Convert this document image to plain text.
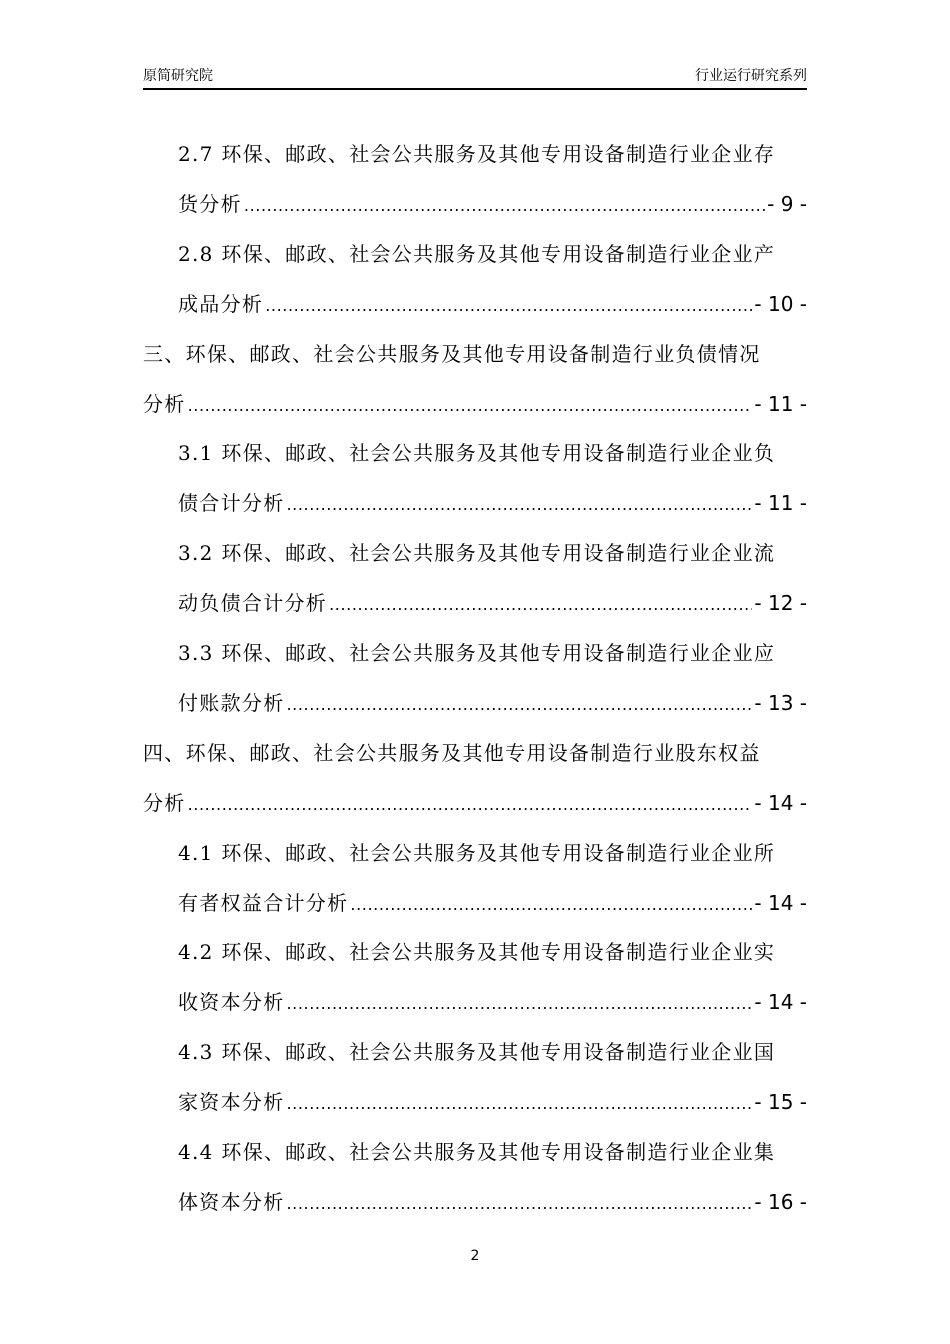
原简研究院	行业运行研究系列
2.7 环保、邮政、社会公共服务及其他专用设备制造行业企业存
货分析 .....	- 9 -
2.8 环保、邮政、社会公共服务及其他专用设备制造行业企业产
成品分析 .....	- 10 -
三、环保、邮政、社会公共服务及其他专用设备制造行业负债情况
分析 .....	- 11 -
3.1 环保、邮政、社会公共服务及其他专用设备制造行业企业负
债合计分析 .....	- 11 -
3.2 环保、邮政、社会公共服务及其他专用设备制造行业企业流
动负债合计分析 .....	- 12 -
3.3 环保、邮政、社会公共服务及其他专用设备制造行业企业应
付账款分析 .....	- 13 -
四、环保、邮政、社会公共服务及其他专用设备制造行业股东权益
分析 .....	- 14 -
4.1 环保、邮政、社会公共服务及其他专用设备制造行业企业所
有者权益合计分析 .....	- 14 -
4.2 环保、邮政、社会公共服务及其他专用设备制造行业企业实
收资本分析 .....	- 14 -
4.3 环保、邮政、社会公共服务及其他专用设备制造行业企业国
家资本分析 .....	- 15 -
4.4 环保、邮政、社会公共服务及其他专用设备制造行业企业集
体资本分析 .....	- 16 -
2
